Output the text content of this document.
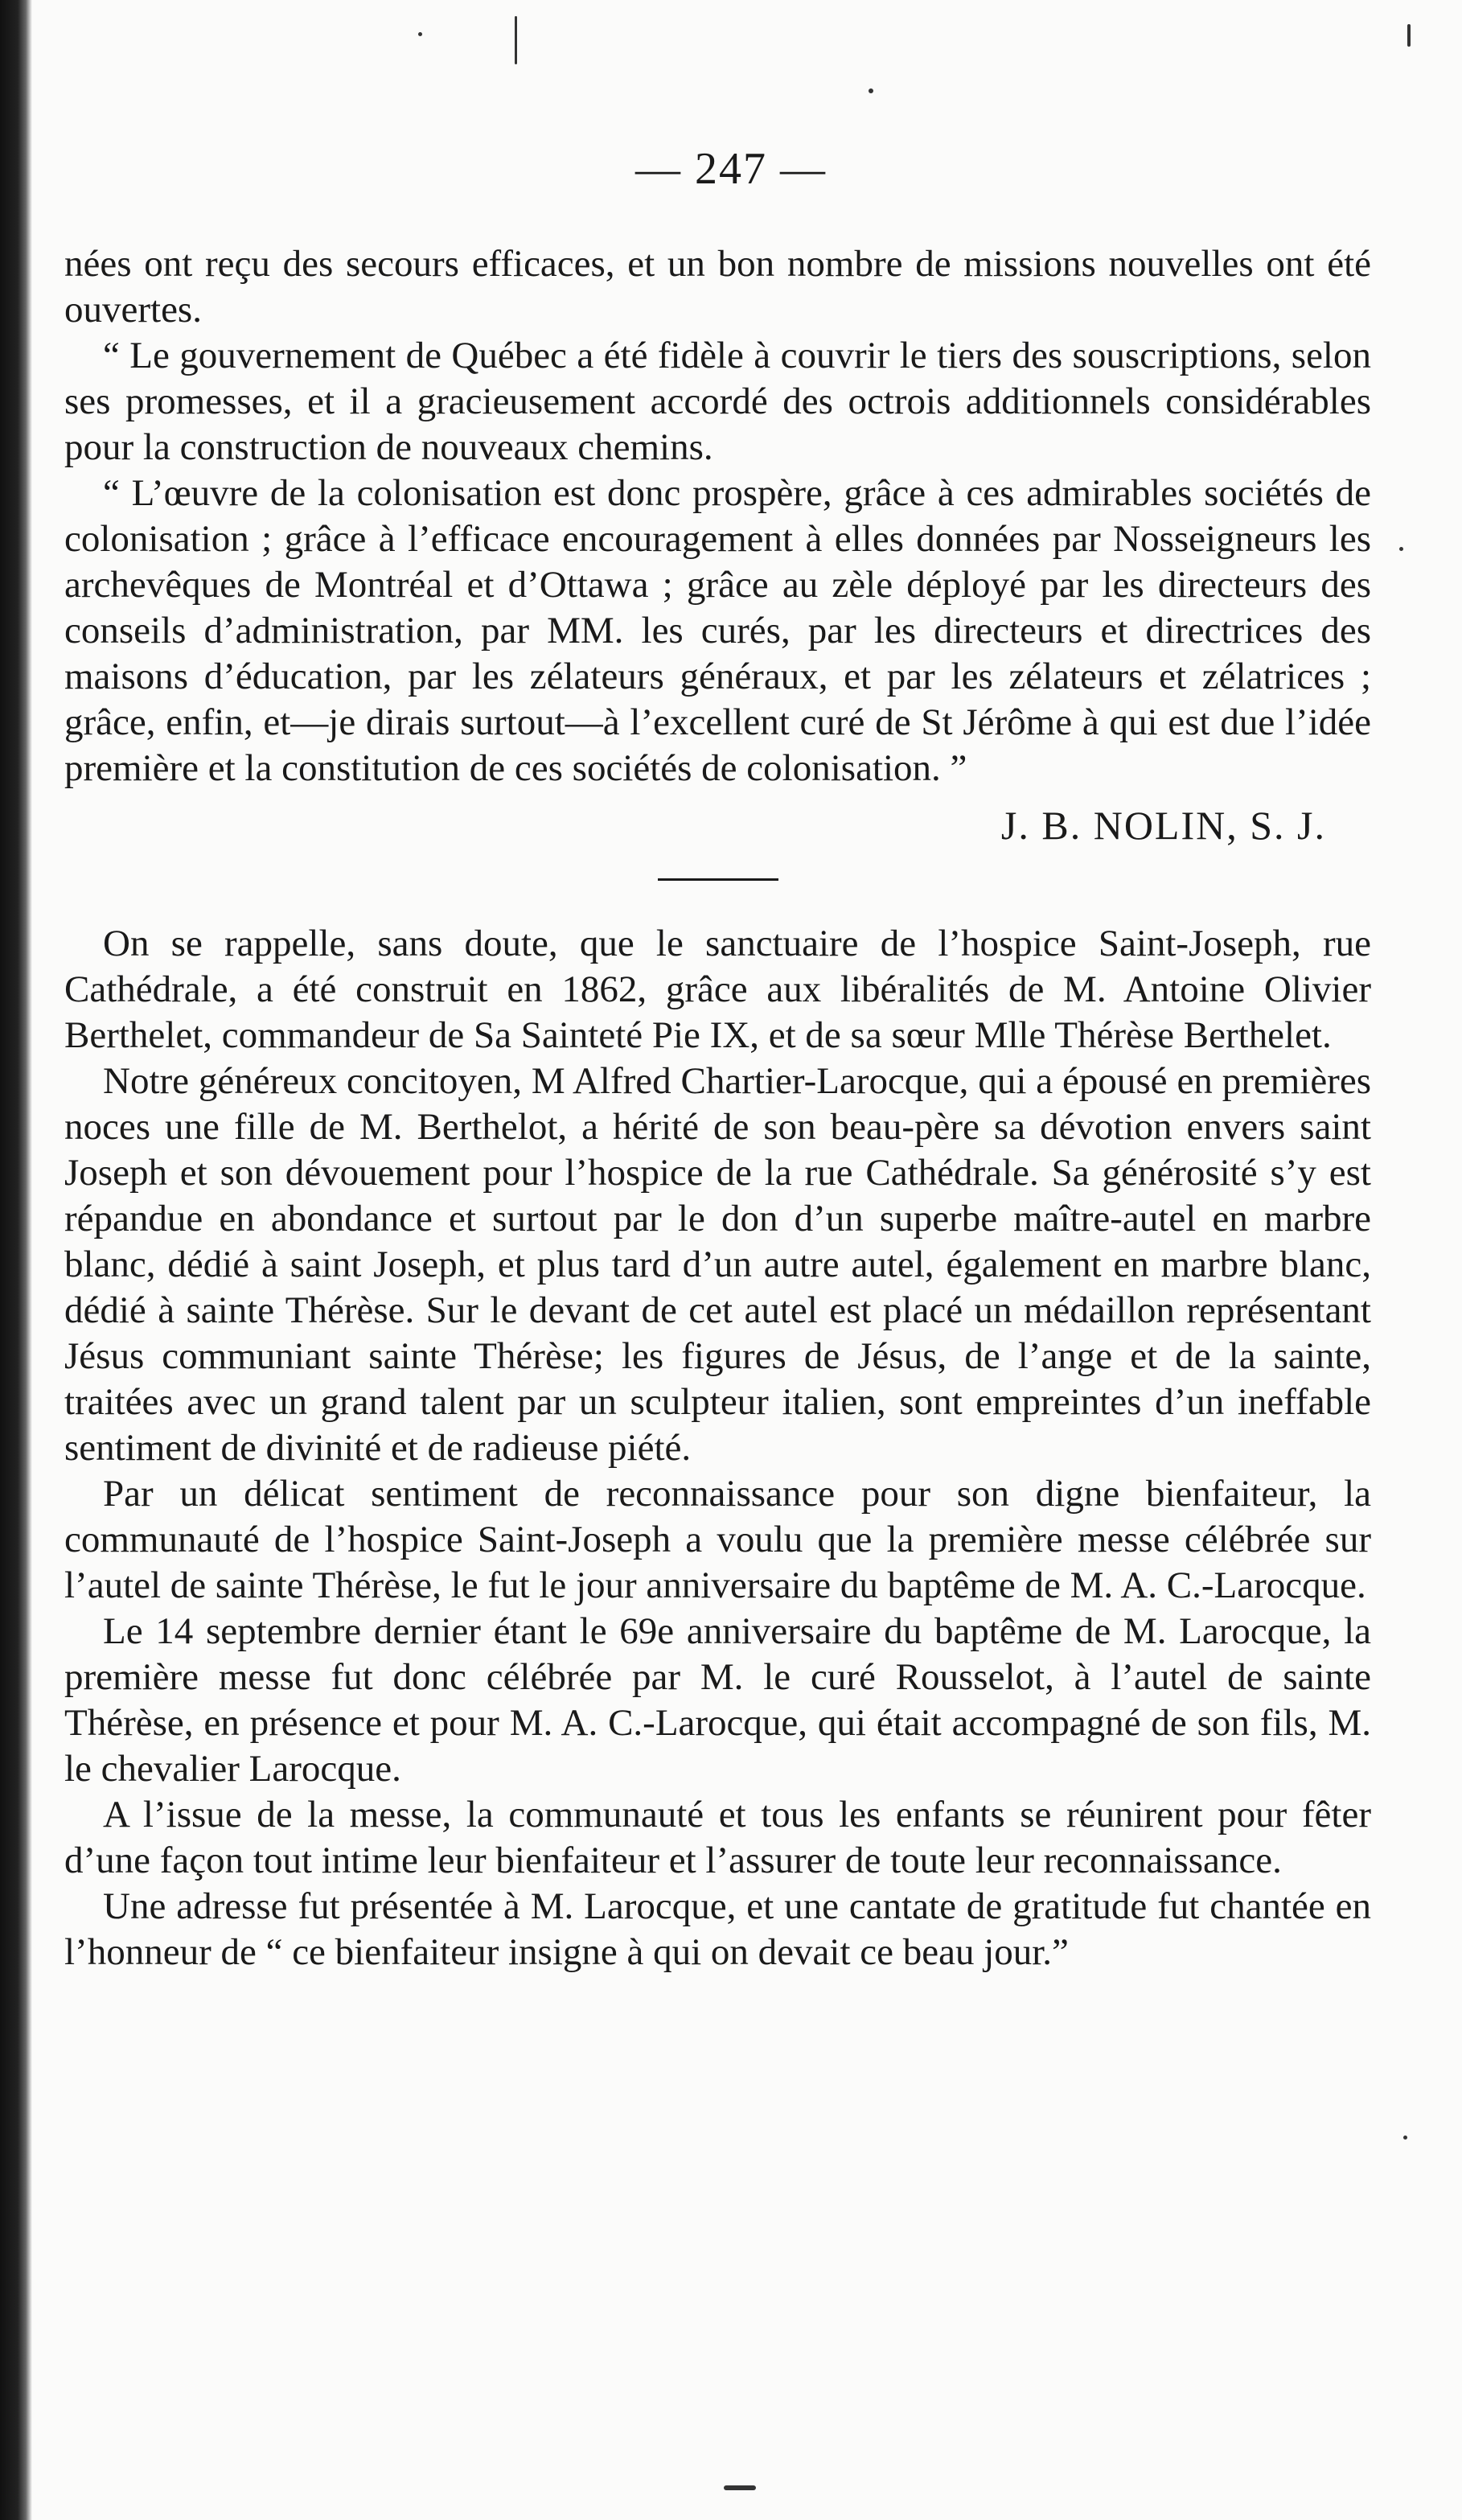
— 247 —

nées ont reçu des secours efficaces, et un bon nombre de missions nouvelles ont été ouvertes.

“ Le gouvernement de Québec a été fidèle à couvrir le tiers des souscriptions, selon ses promesses, et il a gracieusement accordé des octrois additionnels considérables pour la construction de nouveaux chemins.

“ L’œuvre de la colonisation est donc prospère, grâce à ces admirables sociétés de colonisation ; grâce à l’efficace encouragement à elles données par Nosseigneurs les archevêques de Montréal et d’Ottawa ; grâce au zèle déployé par les directeurs des conseils d’administration, par MM. les curés, par les directeurs et directrices des maisons d’éducation, par les zélateurs généraux, et par les zélateurs et zélatrices ; grâce, enfin, et—je dirais surtout—à l’excellent curé de St Jérôme à qui est due l’idée première et la constitution de ces sociétés de colonisation. ”

J. B. NOLIN, S. J.

On se rappelle, sans doute, que le sanctuaire de l’hospice Saint-Joseph, rue Cathédrale, a été construit en 1862, grâce aux libéralités de M. Antoine Olivier Berthelet, commandeur de Sa Sainteté Pie IX, et de sa sœur Mlle Thérèse Berthelet.

Notre généreux concitoyen, M Alfred Chartier-Larocque, qui a épousé en premières noces une fille de M. Berthelot, a hérité de son beau-père sa dévotion envers saint Joseph et son dévouement pour l’hospice de la rue Cathédrale. Sa générosité s’y est répandue en abondance et surtout par le don d’un superbe maître-autel en marbre blanc, dédié à saint Joseph, et plus tard d’un autre autel, également en marbre blanc, dédié à sainte Thérèse. Sur le devant de cet autel est placé un médaillon représentant Jésus communiant sainte Thérèse; les figures de Jésus, de l’ange et de la sainte, traitées avec un grand talent par un sculpteur italien, sont empreintes d’un ineffable sentiment de divinité et de radieuse piété.

Par un délicat sentiment de reconnaissance pour son digne bienfaiteur, la communauté de l’hospice Saint-Joseph a voulu que la première messe célébrée sur l’autel de sainte Thérèse, le fut le jour anniversaire du baptême de M. A. C.-Larocque.

Le 14 septembre dernier étant le 69e anniversaire du baptême de M. Larocque, la première messe fut donc célébrée par M. le curé Rousselot, à l’autel de sainte Thérèse, en présence et pour M. A. C.-Larocque, qui était accompagné de son fils, M. le chevalier Larocque.

A l’issue de la messe, la communauté et tous les enfants se réunirent pour fêter d’une façon tout intime leur bienfaiteur et l’assurer de toute leur reconnaissance.

Une adresse fut présentée à M. Larocque, et une cantate de gratitude fut chantée en l’honneur de “ ce bienfaiteur insigne à qui on devait ce beau jour.”
